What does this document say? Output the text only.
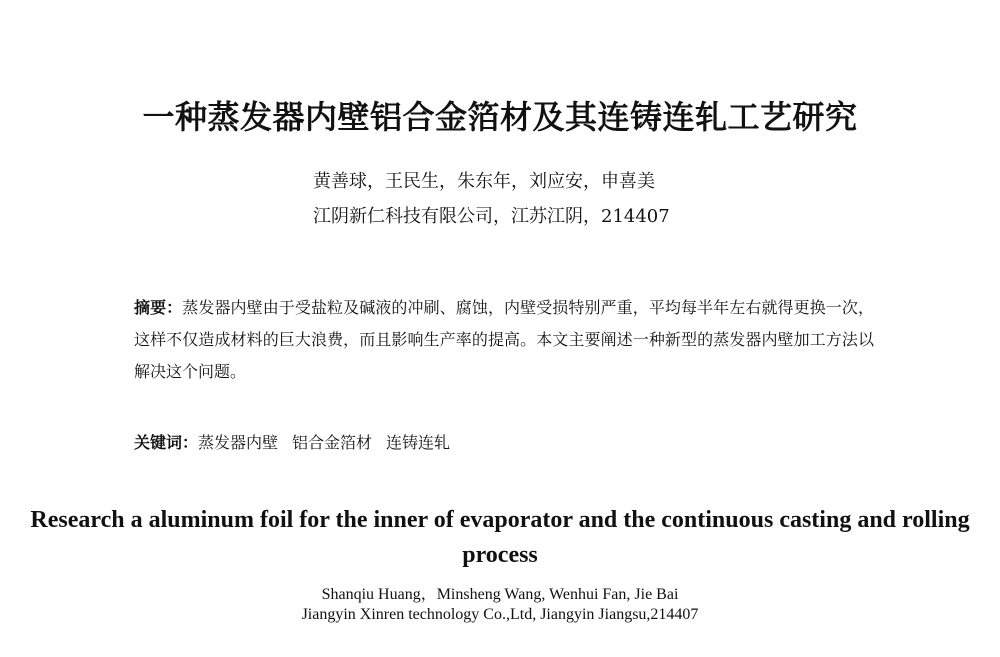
一种蒸发器内壁铝合金箔材及其连铸连轧工艺研究
黄善球，王民生，朱东年，刘应安，申喜美
江阴新仁科技有限公司，江苏江阴，214407
摘要：蒸发器内壁由于受盐粒及碱液的冲刷、腐蚀，内壁受损特别严重，平均每半年左右就得更换一次，这样不仅造成材料的巨大浪费，而且影响生产率的提高。本文主要阐述一种新型的蒸发器内壁加工方法以解决这个问题。
关键词：蒸发器内壁 铝合金箔材 连铸连轧
Research a aluminum foil for the inner of evaporator and the continuous casting and rolling process
Shanqiu Huang，Minsheng Wang, Wenhui Fan, Jie Bai
Jiangyin Xinren technology Co.,Ltd, Jiangyin Jiangsu,214407
